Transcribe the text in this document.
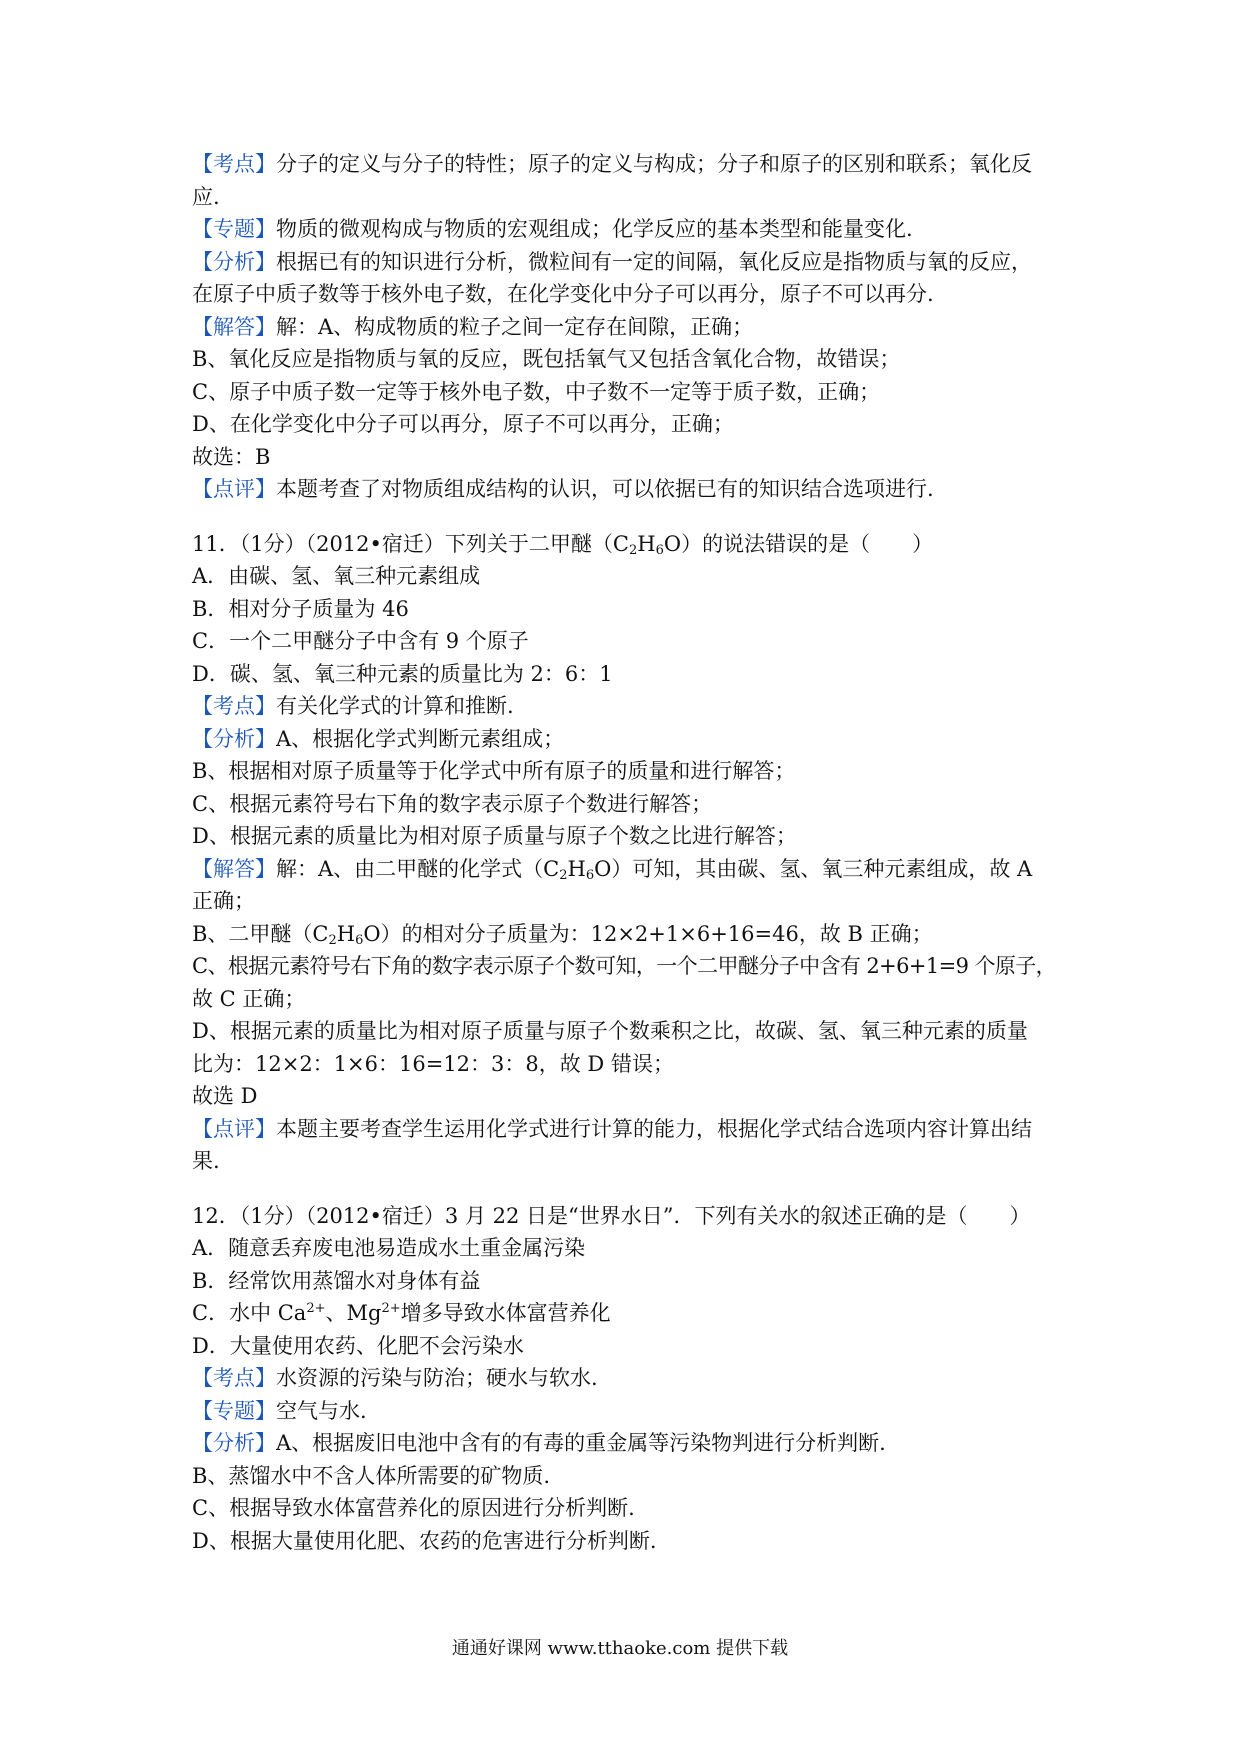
【考点】分子的定义与分子的特性；原子的定义与构成；分子和原子的区别和联系；氧化反
应.
【专题】物质的微观构成与物质的宏观组成；化学反应的基本类型和能量变化.
【分析】根据已有的知识进行分析，微粒间有一定的间隔，氧化反应是指物质与氧的反应，
在原子中质子数等于核外电子数，在化学变化中分子可以再分，原子不可以再分.
【解答】解：A、构成物质的粒子之间一定存在间隙，正确；
B、氧化反应是指物质与氧的反应，既包括氧气又包括含氧化合物，故错误；
C、原子中质子数一定等于核外电子数，中子数不一定等于质子数，正确；
D、在化学变化中分子可以再分，原子不可以再分，正确；
故选：B
【点评】本题考查了对物质组成结构的认识，可以依据已有的知识结合选项进行.
11．（1分）（2012•宿迁）下列关于二甲醚$(C_2H_6O)$的说法错误的是（　　）
A．由碳、氢、氧三种元素组成
B．相对分子质量为 46
C．一个二甲醚分子中含有 9 个原子
D．碳、氢、氧三种元素的质量比为 2：6：1
【考点】有关化学式的计算和推断.
【分析】A、根据化学式判断元素组成；
B、根据相对原子质量等于化学式中所有原子的质量和进行解答；
C、根据元素符号右下角的数字表示原子个数进行解答；
D、根据元素的质量比为相对原子质量与原子个数之比进行解答；
【解答】解：A、由二甲醚的化学式$(C_2H_6O)$可知，其由碳、氢、氧三种元素组成，故 A
正确；
B、二甲醚$(C_2H_6O)$的相对分子质量为：12×2+1×6+16=46，故 B 正确；
C、根据元素符号右下角的数字表示原子个数可知，一个二甲醚分子中含有 2+6+1=9 个原子，
故 C 正确；
D、根据元素的质量比为相对原子质量与原子个数乘积之比，故碳、氢、氧三种元素的质量
比为：12×2：1×6：16=12：3：8，故 D 错误；
故选 D
【点评】本题主要考查学生运用化学式进行计算的能力，根据化学式结合选项内容计算出结
果.
12．（1分）（2012•宿迁）3 月 22 日是“世界水日”．下列有关水的叙述正确的是（　　）
A．随意丢弃废电池易造成水土重金属污染
B．经常饮用蒸馏水对身体有益
C．水中 $Ca^{2+}$、$Mg^{2+}$增多导致水体富营养化
D．大量使用农药、化肥不会污染水
【考点】水资源的污染与防治；硬水与软水.
【专题】空气与水.
【分析】A、根据废旧电池中含有的有毒的重金属等污染物判进行分析判断.
B、蒸馏水中不含人体所需要的矿物质.
C、根据导致水体富营养化的原因进行分析判断.
D、根据大量使用化肥、农药的危害进行分析判断.
通通好课网 www.tthaoke.com 提供下载
